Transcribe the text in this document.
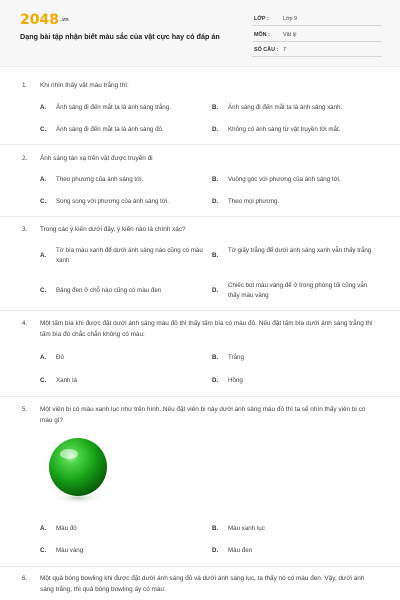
2048.vn
Dạng bài tập nhận biết màu sắc của vật cực hay có đáp án
LỚP :	Lớp 9
MÔN : Vật lý
SỐ CÂU : 7
1.	Khi nhìn thấy vật màu trắng thì:
A. Ánh sáng đi đến mắt ta là ánh sáng trắng.	B. Ánh sáng đi đến mắt ta là ánh sáng xanh.
C. Ánh sáng đi đến mắt ta là ánh sáng đỏ.	D. Không có ánh sáng từ vật truyền tới mắt.
2.	Ánh sáng tán xạ trên vật được truyền đi
A. Theo phương của ánh sáng tới.	B. Vuông góc với phương của ánh sáng tới.
C. Song song với phương của ánh sáng tới.	D. Theo mọi phương.
3.	Trong các ý kiến dưới đây, ý kiến nào là chính xác?
A.
Tờ bìa màu xanh để dưới ánh sáng nào cũng có màu xanh
B.
Tờ giấy trắng để dưới ánh sáng xanh vẫn thấy trắng
C. Bảng đen ở chỗ nào cũng có màu đen	D.
Chiếc bút màu vàng để ở trong phòng tối cũng vẫn thấy màu vàng
4.	Một tấm bìa khi được đặt dưới ánh sáng màu đỏ thì thấy tấm bìa có màu đỏ. Nếu đặt tấm bìa dưới ánh sáng trắng thì tấm bìa đó chắc chắn không có màu:
A. Đỏ	B. Trắng
C. Xanh lá	D. Hồng
5.	Một viên bi có màu xanh lục như trên hình. Nếu đặt viên bi này dưới ánh sáng màu đỏ thì ta sẽ nhìn thấy viên bi có màu gì?
A. Màu đỏ	B. Màu xanh lục
C. Màu vàng	D. Màu đen
6.	Một quả bóng bowling khi được đặt dưới ánh sáng đỏ và dưới ánh sáng lục, ta thấy nó có màu đen. Vậy, dưới ánh sáng trắng, thì quả bóng bowling ấy có màu:
